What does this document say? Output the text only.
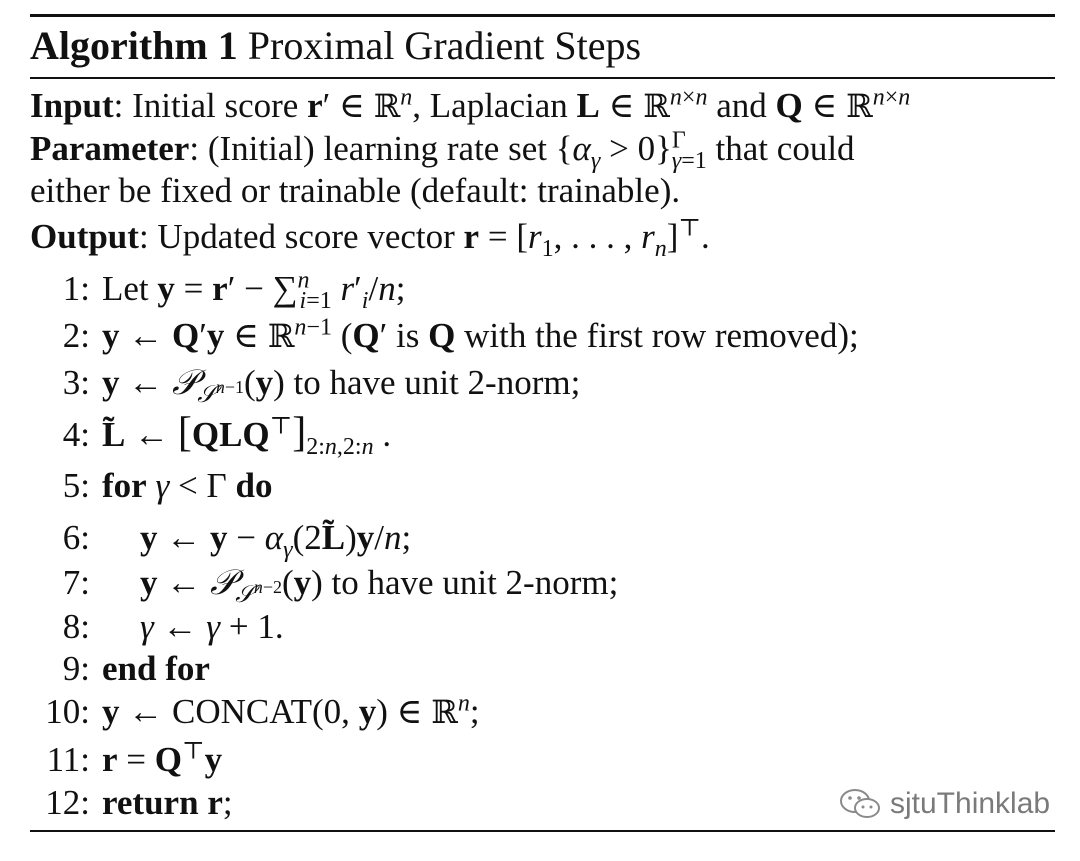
Algorithm 1 Proximal Gradient Steps
Input: Initial score r′ ∈ ℝ$^n$, Laplacian L ∈ ℝ$^{n\times n}$ and Q ∈ ℝ$^{n\times n}$
Parameter: (Initial) learning rate set $\{\alpha_\gamma > 0\}^\Gamma_{\gamma=1}$ that could
either be fixed or trainable (default: trainable).
Output: Updated score vector $r = [r_1$, . . . , $r_n]^⊤$.
1: Let y = r′ − ∑$^n_{i=1}$ $r'_i/n$;
2: y ← Q′y ∈ ℝ$^{n-1}$ (Q′ is Q with the first row removed);
3: y ← 𝒫$_{𝒮^{n-1}}$(y) to have unit 2-norm;
4: L̃ ← $[QLQ^⊤]_{2:n,2:n}$ .
5: for γ < Γ do
6: y ← $y - \alpha_\gamma(2L̃)y/n$;
7: y ← 𝒫$_{𝒮^{n-2}}$(y) to have unit 2-norm;
8: γ ← γ + 1.
9: end for
10: y ← CONCAT(0, y) ∈ ℝ$^n$;
11: r = Q⊤y
12: return r;	sjtuThinklab
